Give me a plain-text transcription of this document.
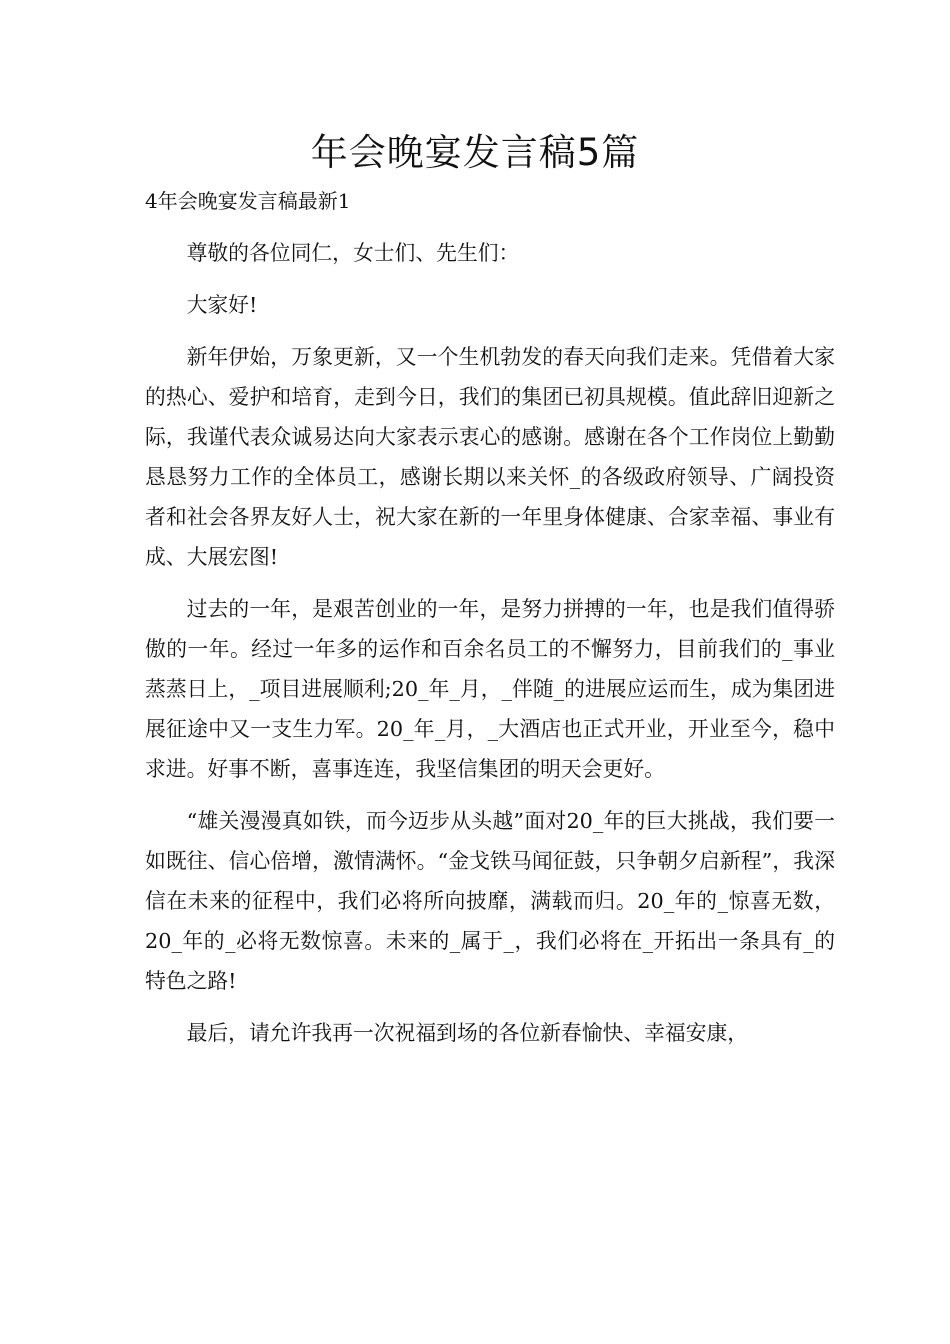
年会晚宴发言稿5篇

4年会晚宴发言稿最新1

尊敬的各位同仁，女士们、先生们：

大家好!

新年伊始，万象更新，又一个生机勃发的春天向我们走来。凭借着大家的热心、爱护和培育，走到今日，我们的集团已初具规模。值此辞旧迎新之际，我谨代表众诚易达向大家表示衷心的感谢。感谢在各个工作岗位上勤勤恳恳努力工作的全体员工，感谢长期以来关怀_的各级政府领导、广阔投资者和社会各界友好人士，祝大家在新的一年里身体健康、合家幸福、事业有成、大展宏图!

过去的一年，是艰苦创业的一年，是努力拼搏的一年，也是我们值得骄傲的一年。经过一年多的运作和百余名员工的不懈努力，目前我们的_事业蒸蒸日上，_项目进展顺利;20_年_月，_伴随_的进展应运而生，成为集团进展征途中又一支生力军。20_年_月，_大酒店也正式开业，开业至今，稳中求进。好事不断，喜事连连，我坚信集团的明天会更好。

“雄关漫漫真如铁，而今迈步从头越”面对20_年的巨大挑战，我们要一如既往、信心倍增，激情满怀。“金戈铁马闻征鼓，只争朝夕启新程”，我深信在未来的征程中，我们必将所向披靡，满载而归。20_年的_惊喜无数，20_年的_必将无数惊喜。未来的_属于_，我们必将在_开拓出一条具有_的特色之路!

最后，请允许我再一次祝福到场的各位新春愉快、幸福安康，
